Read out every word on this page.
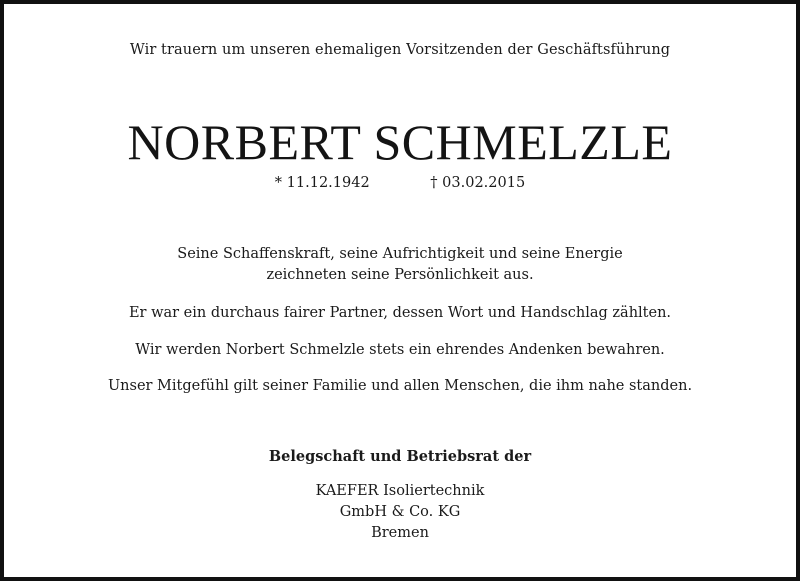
Wir trauern um unseren ehemaligen Vorsitzenden der Geschäftsführung
NORBERT SCHMELZLE
* 11.12.1942	† 03.02.2015
Seine Schaffenskraft, seine Aufrichtigkeit und seine Energie
zeichneten seine Persönlichkeit aus.
Er war ein durchaus fairer Partner, dessen Wort und Handschlag zählten.
Wir werden Norbert Schmelzle stets ein ehrendes Andenken bewahren.
Unser Mitgefühl gilt seiner Familie und allen Menschen, die ihm nahe standen.
Belegschaft und Betriebsrat der
KAEFER Isoliertechnik
GmbH & Co. KG
Bremen
